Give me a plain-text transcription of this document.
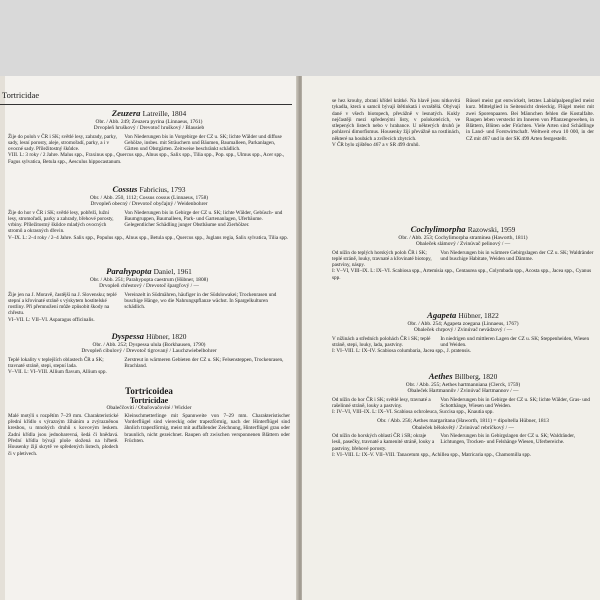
Tortricidae
Zeuzera Latreille, 1804
Obr. / Abb. 249; Zeuzera pyrina (Linnaeus, 1761)
Drvopleň hruškový / Drevotoč hruškový / Blausieb
Žije do poloh v ČR i SK; světlé lesy, zahrady, parky, sady, lesní porosty, aleje, stromořadí, parky, a i v ovocné sady. Příležitostný škůdce.
Von Niederungen bis in Vorgebirge der CZ u. SK; lichte Wälder und diffuse Gehölze, insbes. mit Sträuchern und Bäumen, Baumalleen, Parkanlagen, Gärten und Obstgärten. Zeitweise beschränkt schädlich.
VIII. L: 3 roky / 2 Jahre. Malus spp., Fraxinus spp., Quercus spp., Alnus spp., Salix spp., Tilia spp., Pop. spp., Ulmus spp., Acer spp., Fagus sylvatica, Betula spp., Aesculus hippocastanum.
Cossus Fabricius, 1793
Obr. / Abb. 250, 1112; Cossus cossus (Linnaeus, 1758)
Drvopleň obecný / Drevotoč obyčajný / Weidenbohrer
Žije do hor v ČR i SK; světlé lesy, pobřeží, lužní lesy, stromořadí, parky a zahrady, břehové porosty, vrbiny. Příležitostný škůdce mladých ovocných stromů a okrasných dřevin.
Von Niederungen bis in Gebirge der CZ u. SK; lichte Wälder, Gebüsch- und Baumgruppen, Baumalleen, Park- und Gartenanlagen, Uferbäume. Gelegentlicher Schädling junger Obstbäume und Zierhölzer.
V–IX. L: 2–4 roky / 2–4 Jahre. Salix spp., Populus spp., Alnus spp., Betula spp., Quercus spp., Juglans regia, Salix sylvatica, Tilia spp.
Parahypopta Daniel, 1961
Obr. / Abb. 251; Parahypopta caestrum (Hübner, 1808)
Drvopleň chřestový / Drevotoč špargľový / —
Žije jen na J. Moravě, častější na J. Slovensku; teplé stepní a křovinaté stráně s výskytem hostitelské rostliny. Při přemnožení může způsobit škody na chřestu.
Vereinzelt in Südmähren, häufiger in der Südslowakei; Trockenrasen und buschige Hänge, wo die Nahrungspflanze wächst. In Spargelkulturen schädlich.
VI–VII. L: VII–VI. Asparagus officinalis.
Dyspessa Hübner, 1820
Obr. / Abb. 252; Dyspessa ulula (Borkhausen, 1790)
Drvopleň cibulový / Drevotoč tigrovaný / Lauchzwiebelbohrer
Teplé lokality v teplejších oblastech ČR a SK; travnaté stráně, stepi, stepní lada.
Zerstreut in wärmeren Gebieten der CZ u. SK; Felsensteppen, Trockenrasen, Brachland.
V–VII. L: VI–VIII. Allium flavum, Allium spp.
Tortricoidea
Tortricidae
Obaleččovití / Obaľovačovité / Wickler
Malé motýli s rozpětím 7–29 mm. Charakteristické přední křídlo s výrazným žíháním a zvýrazněnou kresbou, u mnohých druhů s kovovým leskem. Zadní křídla jsou jednobarevná, šedá či hnědavá. Přední křídla bývají ploše složená na hřbetě. Housenky žijí skrytě ve spředených listech, plodech či v pletivech.
Kleinschmetterlinge mit Spannweite von 7–29 mm. Charakteristischer Vorderflügel sind viereckig oder trapezförmig, nach der Hinterflügel sind ähnlich trapezförmig, meist mit auffallender Zeichnung, Hinterflügel grau oder braunlich, nicht gezeichnet. Raupen oft zwischen versponnenen Blättern oder Früchten.
se hez krouhy, zbraní křídel krátké. Na hlavě jsou nitkovitá tykadla, která u samců bývají štětinkatá i svraštělá. Obývají dané v všech biotopech, převážně v lesnatých. Kukly nejčastěji mezi spředenými listy, v polokotelcích, ve stlepených listech nebo v hrabance. U některých druhů je pohlavní dimorfismus. Housenky žijí převážně na rostlinách, některé na houbách a zvířecích zbytcích.
Rüssel meist gut entwickelt, letztes Labialpalpenglied meist kurz. Mittelglied in Seitensicht dreieckig. Flügel meist mit zwei Sporenpaaren. Bei Männchen fehlen die Kostalfalte. Raupen leben versteckt im Inneren von Pflanzengeweben, in Blättern, Blüten oder Früchten. Viele Arten sind Schädlinge in Land- und Forstwirtschaft. Weltweit etwa 10 000, in der CZ mit 467 und in der SK 499 Arten festgestellt.
V ČR bylo zjištěno 467 a v SR 499 druhů.
Cochylimorpha Razowski, 1959
Obr. / Abb. 253; Cochylimorpha straminea (Haworth, 1811)
Obaleček slámový / Zvinúvač pelinový / —
Od nížin do teplých horských poloh ČR i SK; teplé stráně, louky, travnaté a křovinaté biotopy, pastviny, náspy.
Von Niederungen bis in wärmere Gebirgslagen der CZ u. SK; Waldränder und buschige Habitate, Weiden und Dämme.
I: V–VI, VIII–IX. L: IX–VI. Scabiosa spp., Artemisia spp., Centaurea spp., Colymbada spp., Acosta spp., Jacea spp., Cyanus spp.
Agapeta Hübner, 1822
Obr. / Abb. 254; Agapeta zoegana (Linnaeus, 1767)
Obaleček chrpový / Zvinúvač nevädzový / —
V nížinách a středních polohách ČR i SK; teplé stráně, stepi, louky, lada, pastviny.
In niedrigen und mittleren Lagen der CZ u. SK; Steppenheiden, Wiesen und Weiden.
I: VI–VIII. L: IX–IV. Scabiosa columbaria, Jacea spp., J. pratensis.
Aethes Billberg, 1820
Obr. / Abb. 255; Aethes hartmanniana (Clerck, 1759)
Obaleček Hartmannův / Zvinúvač Hartmannov / —
Od nížin do hor ČR i SK; světlé lesy, travnaté a rašelinné stráně, louky a pastviny.
Von Niederungen bis in Gebirge der CZ u. SK; lichte Wälder, Gras- und Schotthänge, Wiesen und Weiden.
I: IV–VI, VIII–IX. L: IX–VI. Scabiosa ochroleuca, Succisa spp., Knautia spp.
Obr. / Abb. 256; Aethes margaritana (Haworth, 1811) = dipoltella Hübner, 1813
Obaleček bělokvětý / Zvinúvač rebríčkový / —
Od nížin do horských oblastí ČR i SR; okraje lesů, pasečky, travnaté a kamenité stráně, louky a pastviny, břehové porosty.
Von Niederungen bis in Gebirgslagen der CZ u. SK; Waldränder, Lichtungen, Trocken- und Felshänge Wiesen, Uferbereiche.
I: VI–VIII. L: IX–V. VII–VIII. Tanacetum spp., Achillea spp., Matricaria spp., Chamomilla spp.
